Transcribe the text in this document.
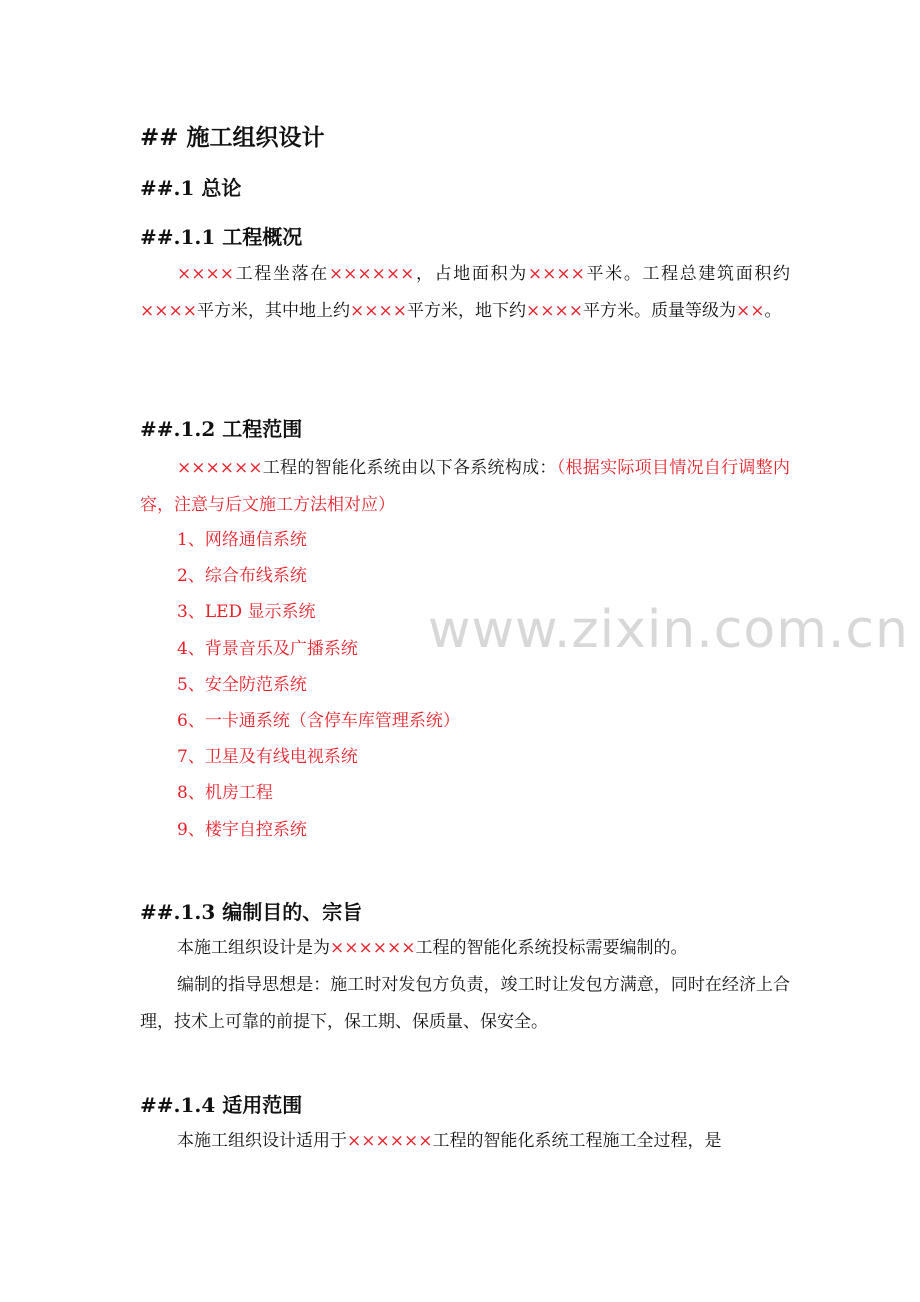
## 施工组织设计
##.1 总论
##.1.1 工程概况
××××工程坐落在××××××，占地面积为××××平米。工程总建筑面积约××××平方米，其中地上约××××平方米，地下约××××平方米。质量等级为××。
##.1.2 工程范围
××××××工程的智能化系统由以下各系统构成：（根据实际项目情况自行调整内容，注意与后文施工方法相对应）
1、网络通信系统
2、综合布线系统
3、LED 显示系统
4、背景音乐及广播系统
5、安全防范系统
6、一卡通系统（含停车库管理系统）
7、卫星及有线电视系统
8、机房工程
9、楼宇自控系统
##.1.3 编制目的、宗旨
本施工组织设计是为××××××工程的智能化系统投标需要编制的。
编制的指导思想是：施工时对发包方负责，竣工时让发包方满意，同时在经济上合理，技术上可靠的前提下，保工期、保质量、保安全。
##.1.4 适用范围
本施工组织设计适用于××××××工程的智能化系统工程施工全过程，是
www.zixin.com.cn
